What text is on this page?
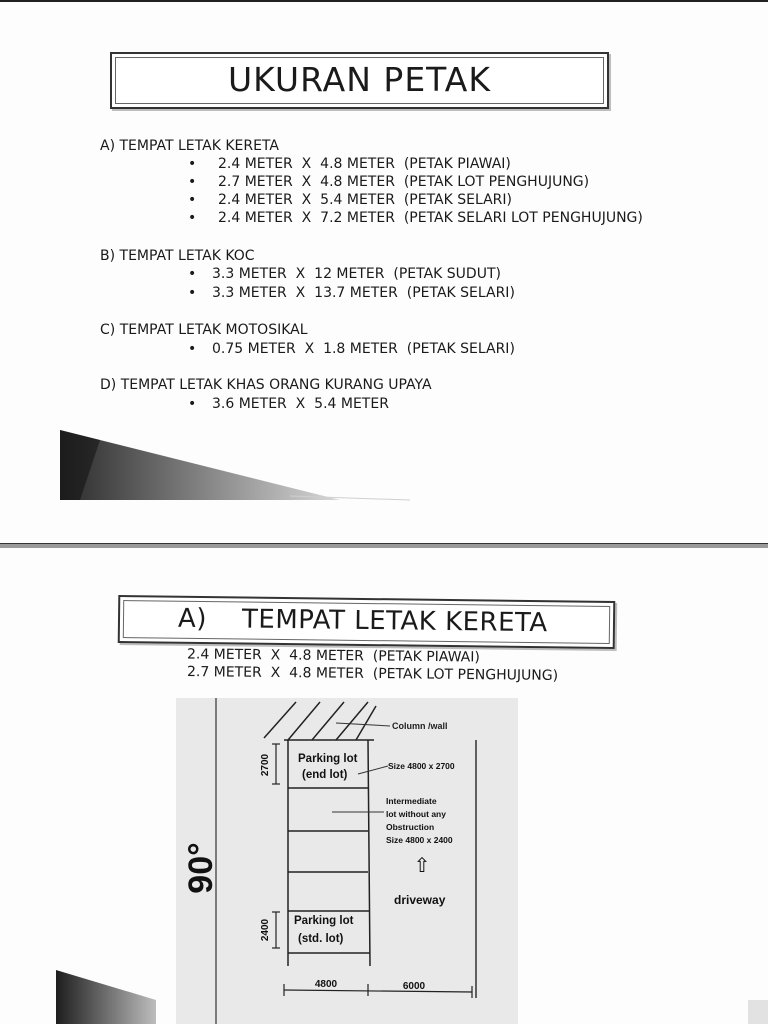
UKURAN PETAK
A) TEMPAT LETAK KERETA
• 2.4 METER  X  4.8 METER  (PETAK PIAWAI)
• 2.7 METER  X  4.8 METER  (PETAK LOT PENGHUJUNG)
• 2.4 METER  X  5.4 METER  (PETAK SELARI)
• 2.4 METER  X  7.2 METER  (PETAK SELARI LOT PENGHUJUNG)
B) TEMPAT LETAK KOC
• 3.3 METER  X  12 METER  (PETAK SUDUT)
• 3.3 METER  X  13.7 METER  (PETAK SELARI)
C) TEMPAT LETAK MOTOSIKAL
• 0.75 METER  X  1.8 METER  (PETAK SELARI)
D) TEMPAT LETAK KHAS ORANG KURANG UPAYA
• 3.6 METER  X  5.4 METER
A) TEMPAT LETAK KERETA
2.4 METER  X  4.8 METER  (PETAK PIAWAI)
2.7 METER  X  4.8 METER  (PETAK LOT PENGHUJUNG)
90°
Column /wall
Parking lot
(end lot)
Size 4800 x 2700
Intermediate
lot without any
Obstruction
Size 4800 x 2400
⇧
driveway
Parking lot
(std. lot)
2700
2400
4800	6000
